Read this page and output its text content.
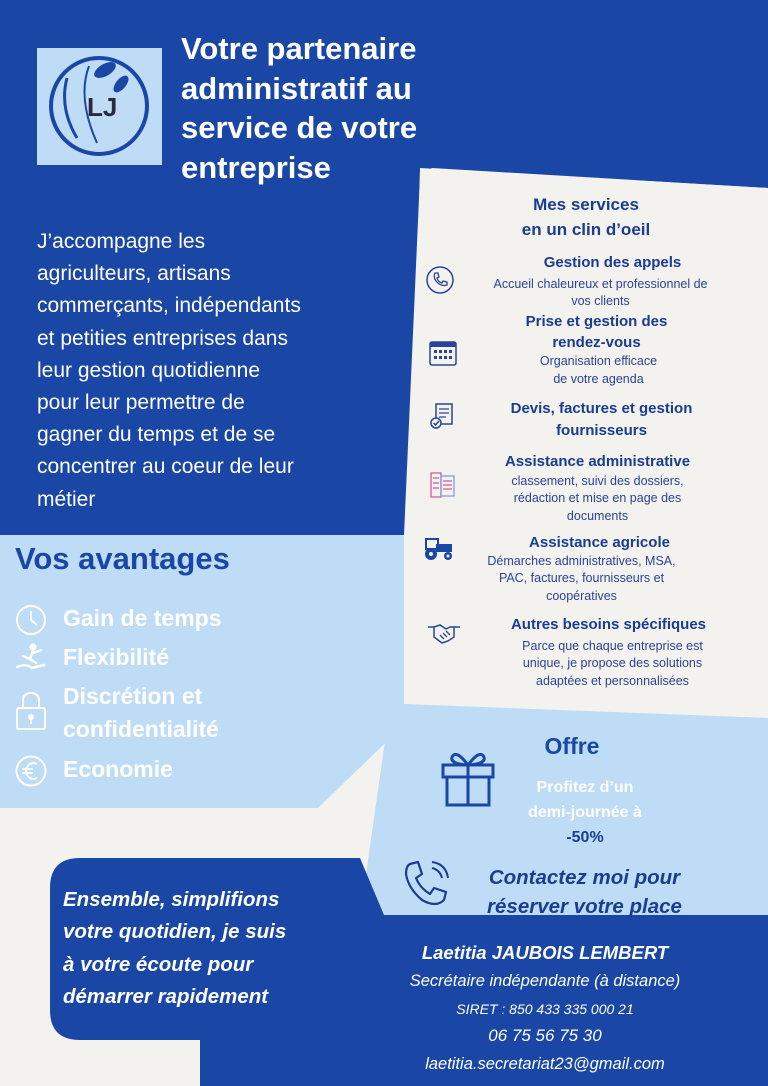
LJ
Votre partenaire
administratif au
service de votre
entreprise
J’accompagne les
agriculteurs, artisans
commerçants, indépendants
et petities entreprises dans
leur gestion quotidienne
pour leur permettre de
gagner du temps et de se
concentrer au coeur de leur
métier
Vos avantages
Gain de temps
Flexibilité
Discrétion et
confidentialité
Economie
Mes services
en un clin d’oeil
Gestion des appels
Accueil chaleureux et professionnel de
vos clients
Prise et gestion des
rendez-vous
Organisation efficace
de votre agenda
Devis, factures et gestion
fournisseurs
Assistance administrative
classement, suivi des dossiers,
rédaction et mise en page des
documents
Assistance agricole
Démarches administratives, MSA,
PAC, factures, fournisseurs et
coopératives
Autres besoins spécifiques
Parce que chaque entreprise est
unique, je propose des solutions
adaptées et personnalisées
Offre
Profitez d’un
demi-journée à
-50%
Contactez moi pour
réserver votre place
Ensemble, simplifions
votre quotidien, je suis
à votre écoute pour
démarrer rapidement
Laetitia JAUBOIS LEMBERT
Secrétaire indépendante (à distance)
SIRET : 850 433 335 000 21
06 75 56 75 30
laetitia.secretariat23@gmail.com
